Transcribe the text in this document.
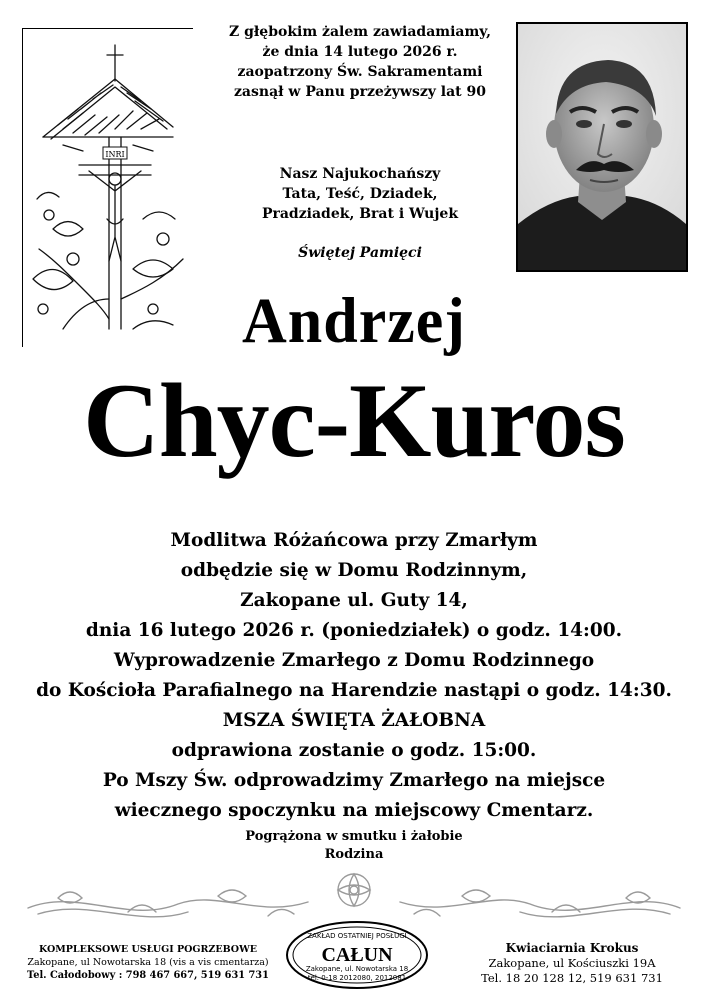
INRI
Z głębokim żalem zawiadamiamy,
że dnia 14 lutego 2026 r.
zaopatrzony Św. Sakramentami
zasnął w Panu przeżywszy lat 90
Nasz Najukochańszy
Tata, Teść, Dziadek,
Pradziadek, Brat i Wujek
Świętej Pamięci
Andrzej
Chyc-Kuros
Modlitwa Różańcowa przy Zmarłym
odbędzie się w Domu Rodzinnym,
Zakopane ul. Guty 14,
dnia 16 lutego 2026 r. (poniedziałek) o godz. 14:00.
Wyprowadzenie Zmarłego z Domu Rodzinnego
do Kościoła Parafialnego na Harendzie nastąpi o godz. 14:30.
MSZA ŚWIĘTA ŻAŁOBNA
odprawiona zostanie o godz. 15:00.
Po Mszy Św. odprowadzimy Zmarłego na miejsce
wiecznego spoczynku na miejscowy Cmentarz.
Pogrążona w smutku i żałobie
Rodzina
KOMPLEKSOWE USŁUGI POGRZEBOWE
Zakopane, ul Nowotarska 18 (vis a vis cmentarza)
Tel. Całodobowy : 798 467 667, 519 631 731
ZAKŁAD OSTATNIEJ POSŁUGI
CAŁUN
Zakopane, ul. Nowotarska 18
tel. 0-18 2012080, 2012081
Kwiaciarnia Krokus
Zakopane, ul Kościuszki 19A
Tel. 18 20 128 12, 519 631 731
